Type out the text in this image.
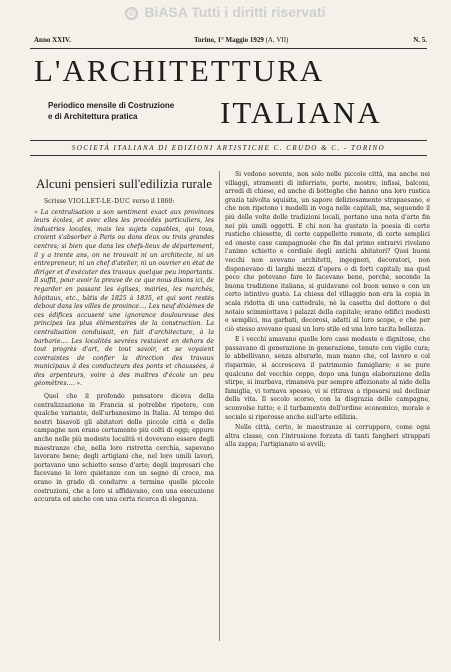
© BiASA Tutti i diritti riservati
Anno XXIV.	Torino, 1° Maggio 1929 (A. VII)	N. 5.
L'ARCHITETTURA
Periodico mensile di Costruzione
e di Architettura pratica	ITALIANA
SOCIETÀ ITALIANA DI EDIZIONI ARTISTICHE C. CRUDO & C. - TORINO
Alcuni pensieri sull'edilizia rurale

Scrisse VIOLLET-LE-DUC verso il 1860:

« La centralisation a son sentiment exact aux provinces leurs écoles, et avec elles les procédés particuliers, les industries locales, mais les sujets capables, qui tous, croient s'absorber à Paris ou dans deux ou trois grandes centres; si bien que dans les chefs-lieux de département, il y a trente ans, on ne trouvait ni un architecte, ni un entrepreneur, ni un chef d'atelier, ni un ouvrier en état de diriger et d'exécuter des travaux quelque peu importants. Il suffit, pour avoir la preuve de ce que nous disons ici, de regarder en passant les églises, mairies, les marchés, hôpitaux, etc., bâtis de 1825 à 1835, et qui sont restés debout dans les villes de province.... Les neuf dixièmes de ces édifices accusent une ignorance douloureuse des principes les plus élémentaires de la construction. La centralisation conduisait, en fait d'architecture, à la barbarie.... Les localités sevrées restaient en dehors de tout progrès d'art, de tout savoir, et se voyaient contraintes de confier la direction des travaux municipaux à des conducteurs des ponts et chaussées, à des arpenteurs, voire à des maîtres d'école un peu géomètres.... ».

Quel che il profondo pensatore diceva della centralizzazione in Francia si potrebbe ripetere, con qualche variante, dell'urbanesimo in Italia. Al tempo dei nostri bisavoli gli abitatori delle piccole città e delle campagne non erano certamente più colti di oggi; eppure anche nelle più modeste località vi dovevano essere degli maestranze che, nella loro ristretta cerchia, sapevano lavorare bene; degli artigiani che, nel loro umili lavori, portavano uno schietto senso d'arte; degli impresari che facevano le loro quietanze con un segno di croce, ma erano in grado di condurre a termine quelle piccole costruzioni, che a loro si affidavano, con una esecuzione accurata ed anche con una certa ricerca di eleganza.

Si vedono sovente, non solo nelle piccole città, ma anche nei villaggi, stramenti di inferriate, porte, mostre, infissi, balconi, arredi di chiese, ed anche di botteghe che hanno una loro rustica grazia talvolta squisita, un sapore deliziosamente strapaesano, e che non ripetono i modelli in voga nelle capitali, ma, seguendo il più delle volte delle tradizioni locali, portano una nota d'arte fin nei più umili oggetti. E chi non ha gustato la poesia di certe rustiche chiesette, di certe cappellette remote, di certe semplici ed oneste case campagnuole che fin dal primo entrarvi rivelano l'animo schietto e cordiale degli antichi abitatori? Quei buoni vecchi non avevano architetti, ingegneri, decoratori, non disponevano di larghi mezzi d'opera o di forti capitali; ma quel poco che potevano fare lo facevano bene, perchè, secondo la buona tradizione italiana, si guidavano col buon senso e con un certo istintivo gusto. La chiesa del villaggio non era la copia in scala ridotta di una cattedrale, nè la casetta del dottore o del notaio scimmiottava i palazzi della capitale; erano edifici modesti e semplici, ma garbati, decorosi, adatti al loro scopo, e che per ciò stesso avevano quasi un loro stile ed una loro tacita bellezza.

E i vecchi amavano quelle loro case modeste e dignitose, che passavano di generazione in generazione, tenute con vigile cura; le abbellivano, senza alterarle, man mano che, col lavoro e col risparmio, si accresceva il patrimonio famigliare; e se pure qualcuno del vecchio ceppo, dopo una lunga elaborazione della stirpe, si inurbava, rimaneva pur sempre affezionato al nido della famiglia, vi tornava spesso, vi si ritirava a riposarsi sul declinar della vita. Il secolo scorso, con la disgrazia delle campagne, sconvolse tutto; e il turbamento dell'ordine economico, morale e sociale si riperosse anche sull'arte edilizia.

Nelle città, certo, le maestranze si corruppero, come ogni altra classe, con l'intrusione forzata di tanti fangheri strappati alla zappa; l'artigianato si avvilì;
